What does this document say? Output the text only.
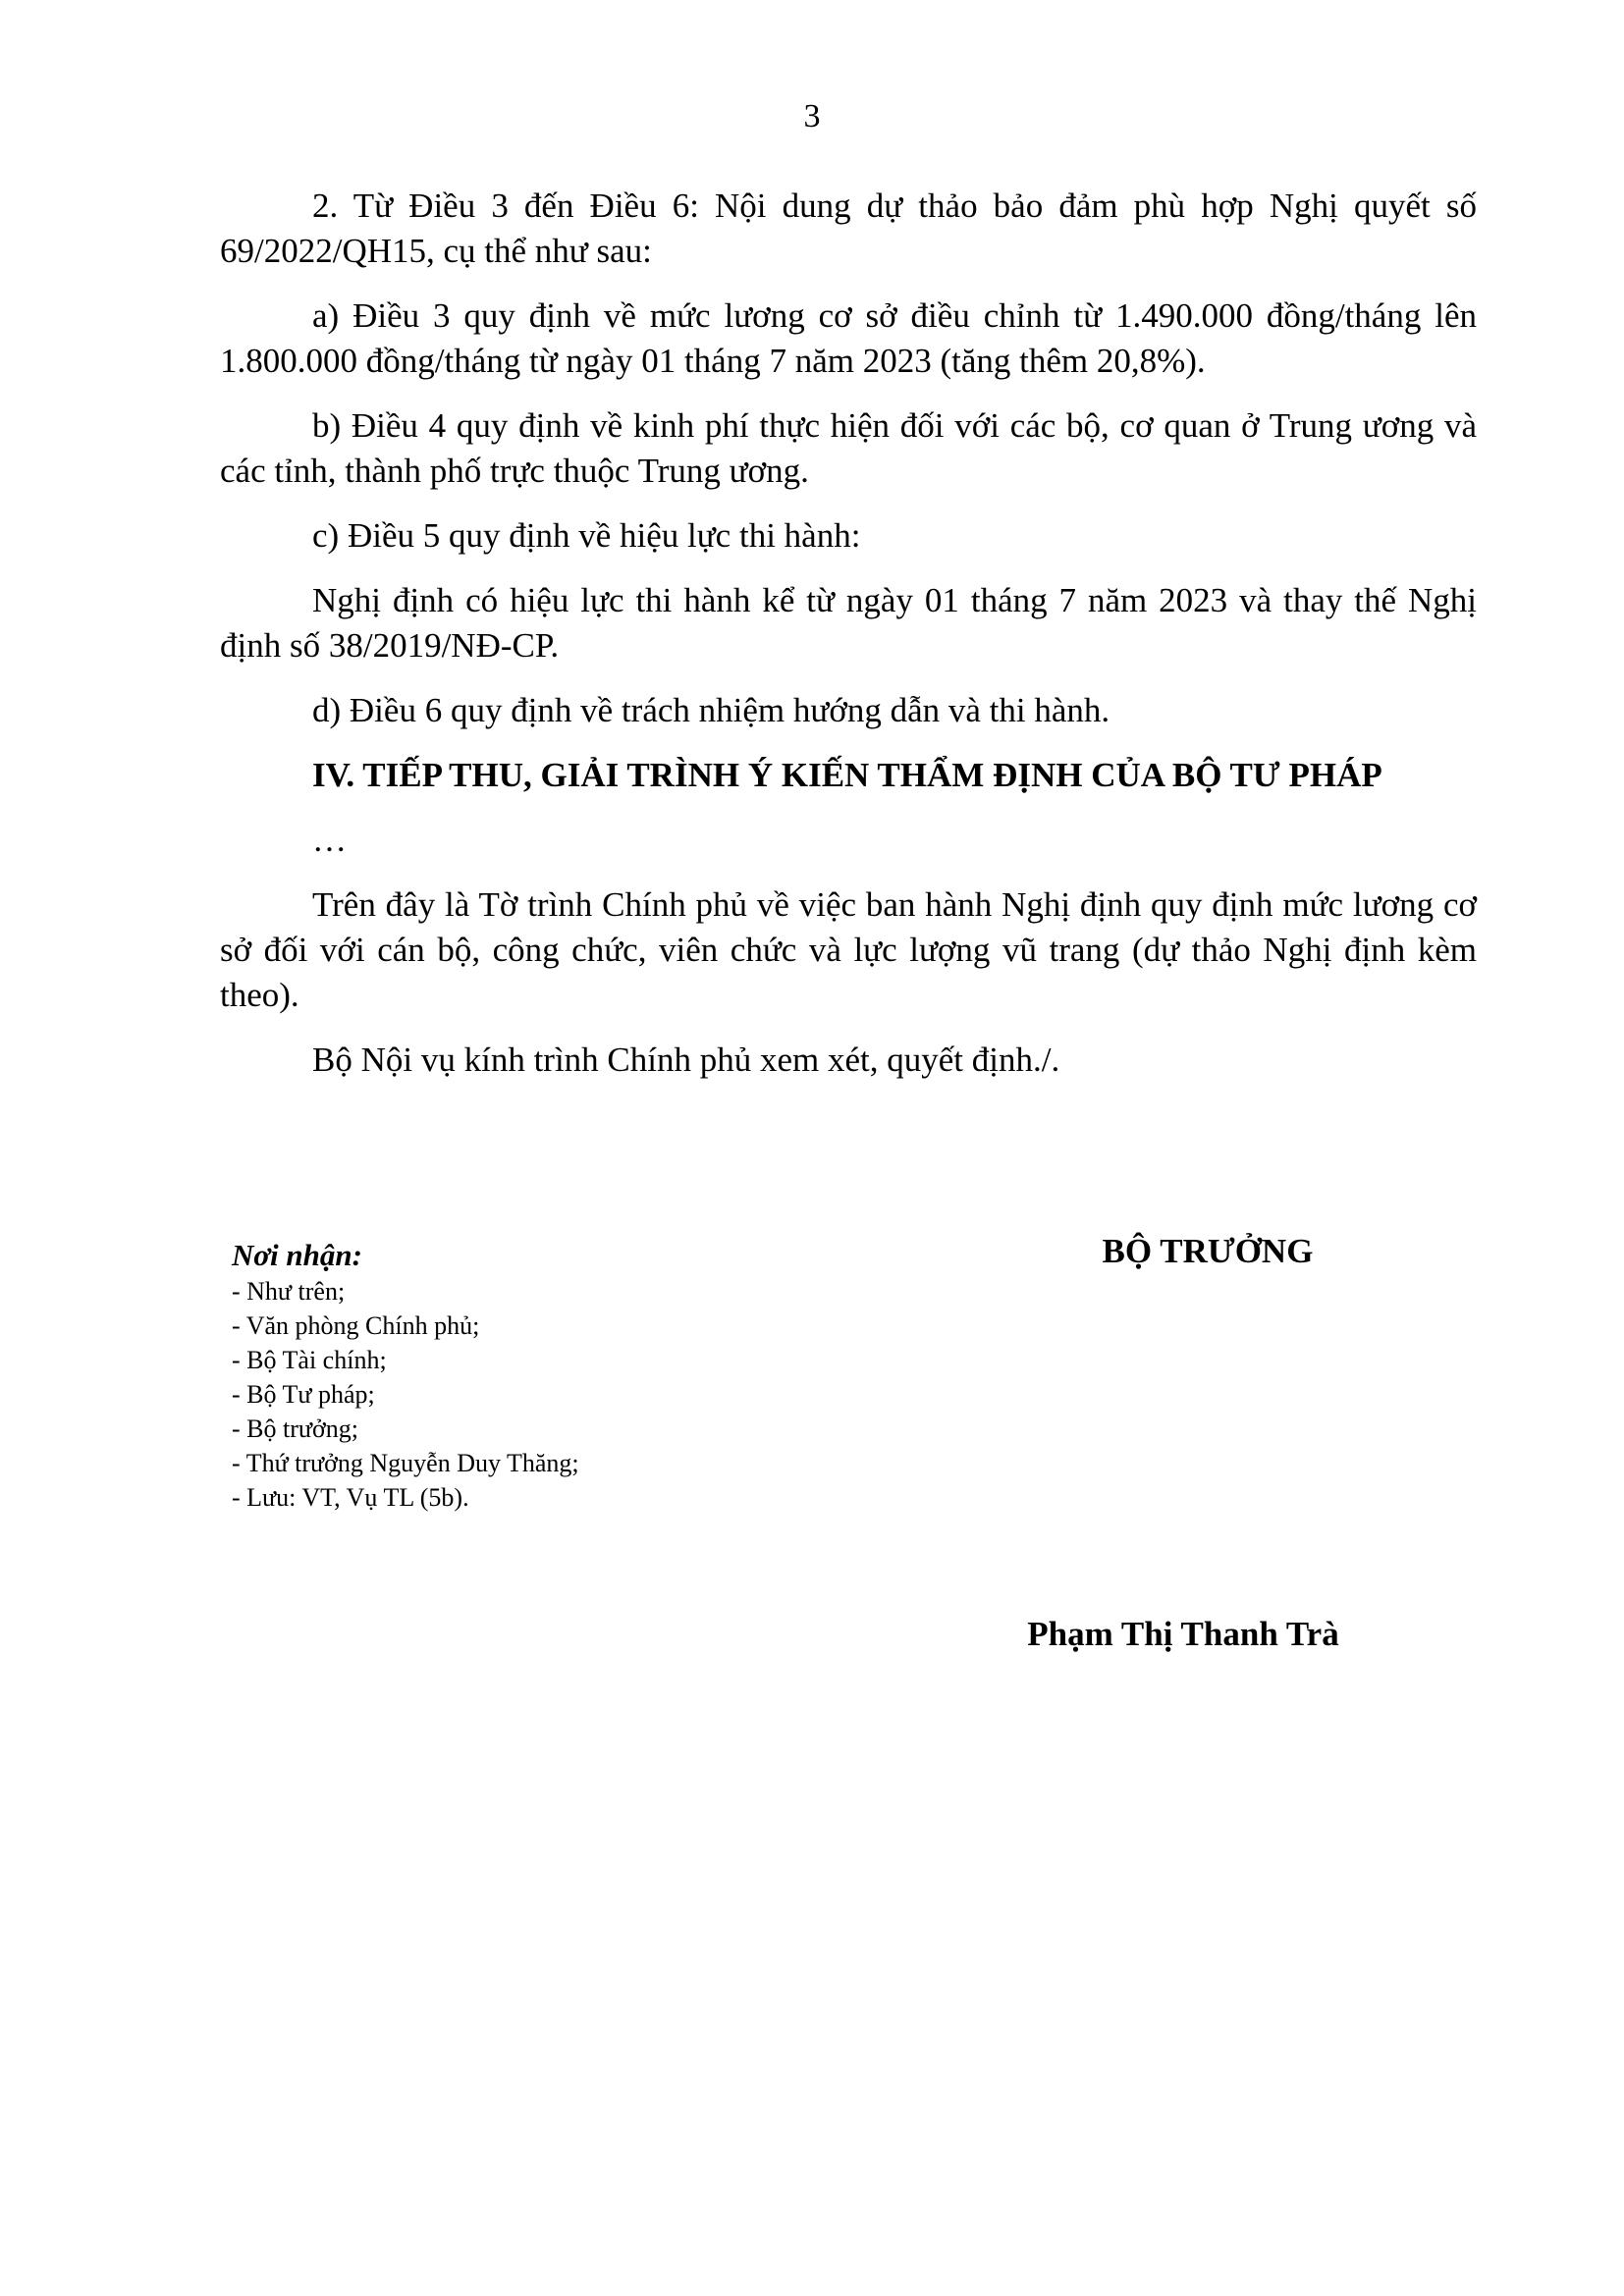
3

2. Từ Điều 3 đến Điều 6: Nội dung dự thảo bảo đảm phù hợp Nghị quyết số 69/2022/QH15, cụ thể như sau:

a) Điều 3 quy định về mức lương cơ sở điều chỉnh từ 1.490.000 đồng/tháng lên 1.800.000 đồng/tháng từ ngày 01 tháng 7 năm 2023 (tăng thêm 20,8%).

b) Điều 4 quy định về kinh phí thực hiện đối với các bộ, cơ quan ở Trung ương và các tỉnh, thành phố trực thuộc Trung ương.

c) Điều 5 quy định về hiệu lực thi hành:

Nghị định có hiệu lực thi hành kể từ ngày 01 tháng 7 năm 2023 và thay thế Nghị định số 38/2019/NĐ-CP.

d) Điều 6 quy định về trách nhiệm hướng dẫn và thi hành.

IV. TIẾP THU, GIẢI TRÌNH Ý KIẾN THẨM ĐỊNH CỦA BỘ TƯ PHÁP

…

Trên đây là Tờ trình Chính phủ về việc ban hành Nghị định quy định mức lương cơ sở đối với cán bộ, công chức, viên chức và lực lượng vũ trang (dự thảo Nghị định kèm theo).

Bộ Nội vụ kính trình Chính phủ xem xét, quyết định./.

Nơi nhận:
- Như trên;
- Văn phòng Chính phủ;
- Bộ Tài chính;
- Bộ Tư pháp;
- Bộ trưởng;
- Thứ trưởng Nguyễn Duy Thăng;
- Lưu: VT, Vụ TL (5b).
BỘ TRƯỞNG
Phạm Thị Thanh Trà
